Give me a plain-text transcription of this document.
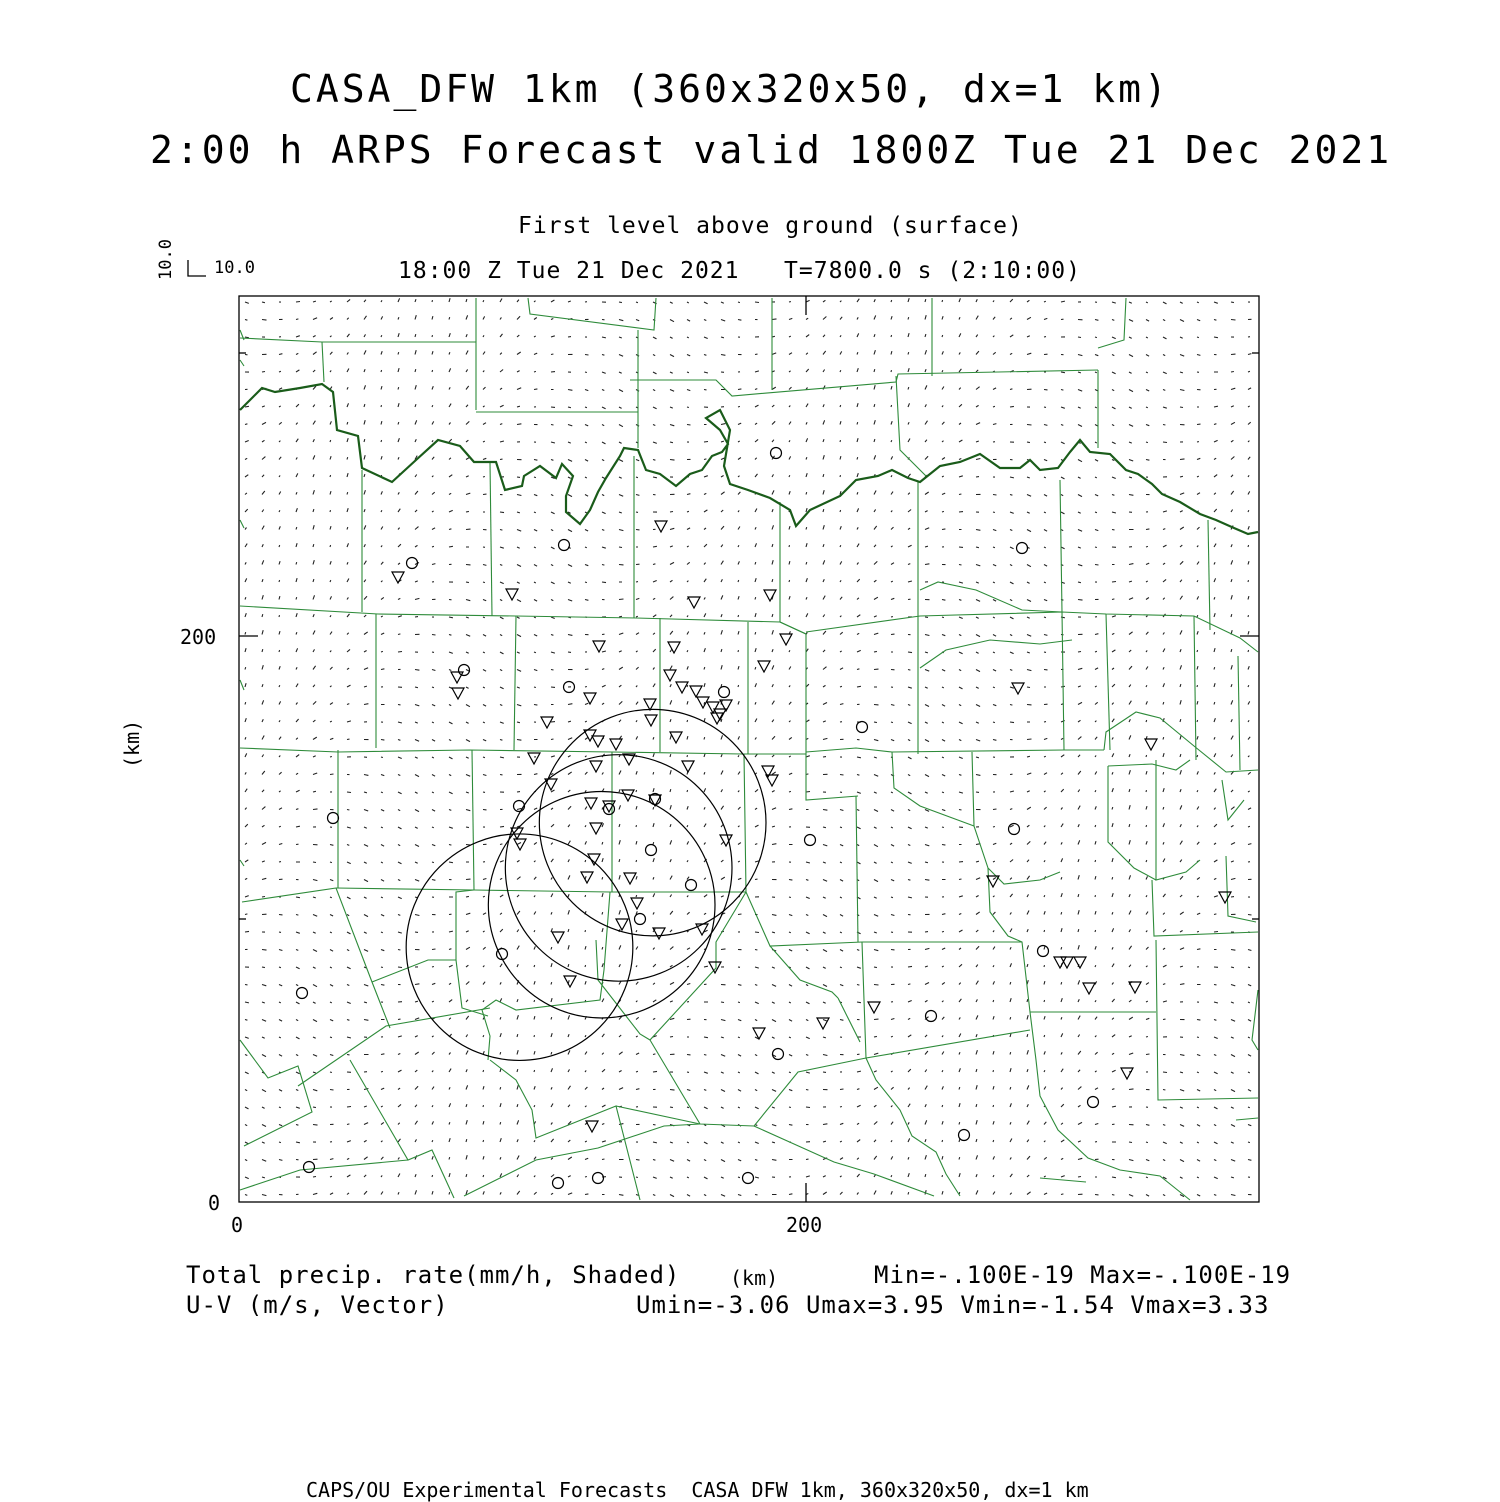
CASA_DFW 1km (360x320x50, dx=1 km)
2:00 h ARPS Forecast valid 1800Z Tue 21 Dec 2021
First level above ground (surface)
18:00 Z Tue 21 Dec 2021   T=7800.0 s (2:10:00)
10.0
10.0
(km)
0
200
0	200
Total precip. rate(mm/h, Shaded) (km)	Min=-.100E-19 Max=-.100E-19
U-V (m/s, Vector)	Umin=-3.06 Umax=3.95 Vmin=-1.54 Vmax=3.33
CAPS/OU Experimental Forecasts  CASA DFW 1km, 360x320x50, dx=1 km
